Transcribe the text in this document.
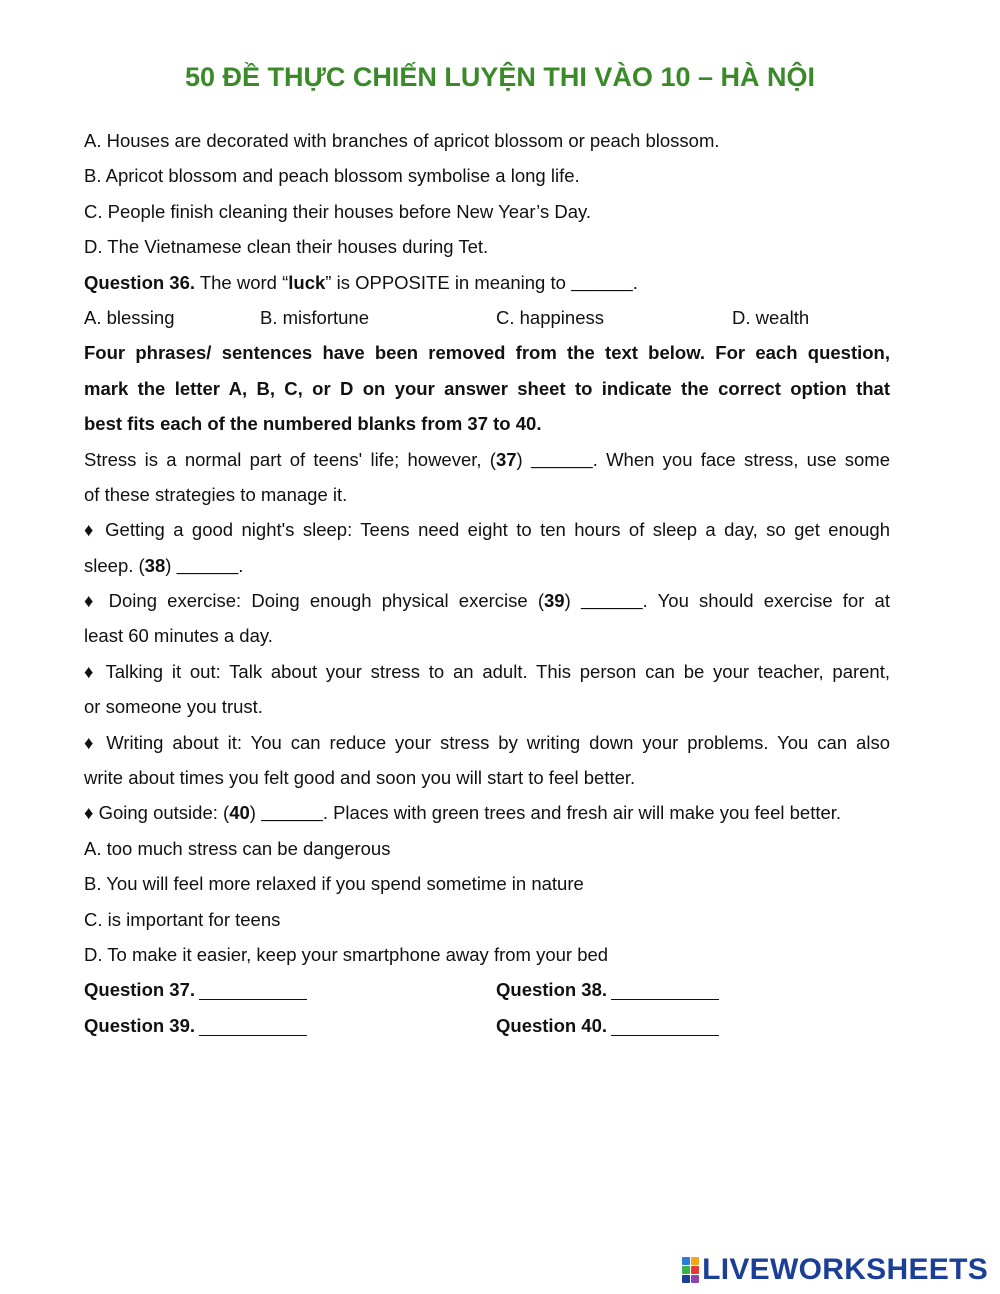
50 ĐỀ THỰC CHIẾN LUYỆN THI VÀO 10 – HÀ NỘI
A. Houses are decorated with branches of apricot blossom or peach blossom.
B. Apricot blossom and peach blossom symbolise a long life.
C. People finish cleaning their houses before New Year’s Day.
D. The Vietnamese clean their houses during Tet.
Question 36. The word “luck” is OPPOSITE in meaning to ______.
A. blessing	B. misfortune	C. happiness	D. wealth
Four phrases/ sentences have been removed from the text below. For each question,
mark the letter A, B, C, or D on your answer sheet to indicate the correct option that
best fits each of the numbered blanks from 37 to 40.
Stress is a normal part of teens' life; however, (37) ______. When you face stress, use some
of these strategies to manage it.
♦ Getting a good night's sleep: Teens need eight to ten hours of sleep a day, so get enough
sleep. (38) ______.
♦ Doing exercise: Doing enough physical exercise (39) ______. You should exercise for at
least 60 minutes a day.
♦ Talking it out: Talk about your stress to an adult. This person can be your teacher, parent,
or someone you trust.
♦ Writing about it: You can reduce your stress by writing down your problems. You can also
write about times you felt good and soon you will start to feel better.
♦ Going outside: (40) ______. Places with green trees and fresh air will make you feel better.
A. too much stress can be dangerous
B. You will feel more relaxed if you spend sometime in nature
C. is important for teens
D. To make it easier, keep your smartphone away from your bed
Question 37.	Question 38.
Question 39.	Question 40.
LIVEWORKSHEETS
